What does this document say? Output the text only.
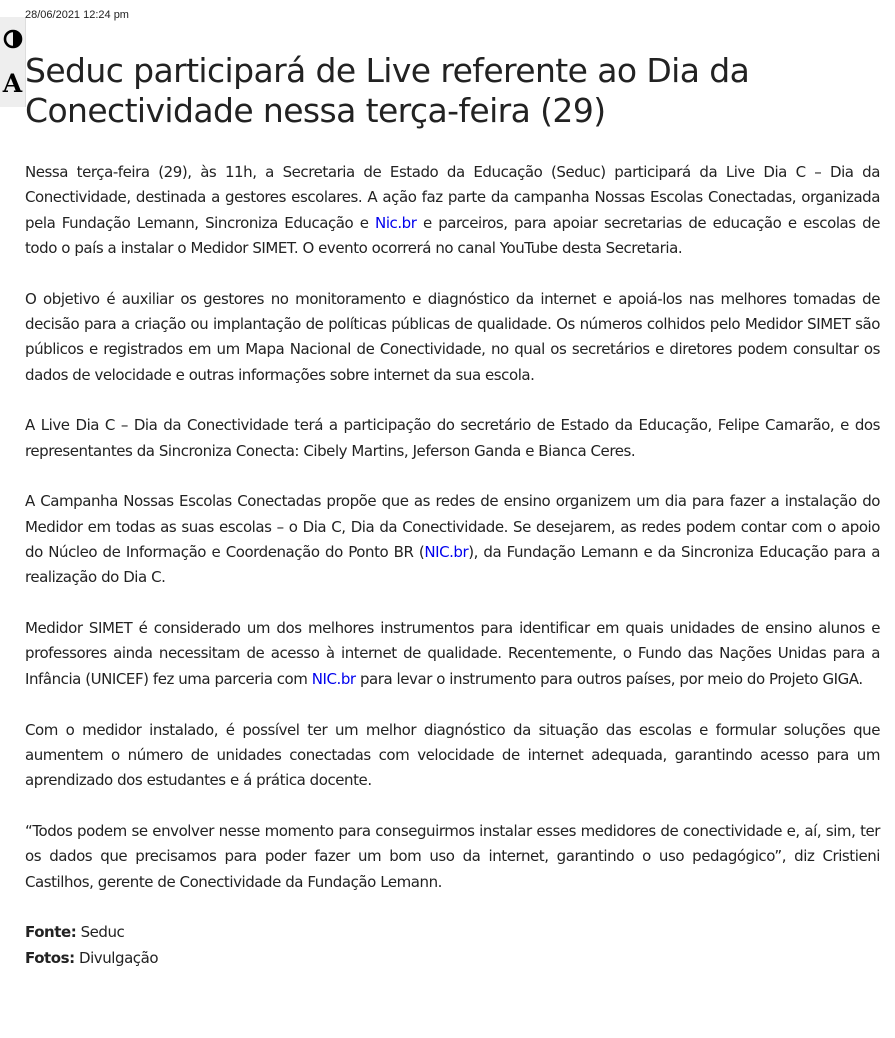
A
28/06/2021 12:24 pm
Seduc participará de Live referente ao Dia da Conectividade nessa terça-feira (29)

Nessa terça-feira (29), às 11h, a Secretaria de Estado da Educação (Seduc) participará da Live Dia C – Dia da Conectividade, destinada a gestores escolares. A ação faz parte da campanha Nossas Escolas Conectadas, organizada pela Fundação Lemann, Sincroniza Educação e Nic.br e parceiros, para apoiar secretarias de educação e escolas de todo o país a instalar o Medidor SIMET. O evento ocorrerá no canal YouTube desta Secretaria.

O objetivo é auxiliar os gestores no monitoramento e diagnóstico da internet e apoiá-los nas melhores tomadas de decisão para a criação ou implantação de políticas públicas de qualidade. Os números colhidos pelo Medidor SIMET são públicos e registrados em um Mapa Nacional de Conectividade, no qual os secretários e diretores podem consultar os dados de velocidade e outras informações sobre internet da sua escola.

A Live Dia C – Dia da Conectividade terá a participação do secretário de Estado da Educação, Felipe Camarão, e dos representantes da Sincroniza Conecta: Cibely Martins, Jeferson Ganda e Bianca Ceres.

A Campanha Nossas Escolas Conectadas propõe que as redes de ensino organizem um dia para fazer a instalação do Medidor em todas as suas escolas – o Dia C, Dia da Conectividade. Se desejarem, as redes podem contar com o apoio do Núcleo de Informação e Coordenação do Ponto BR (NIC.br), da Fundação Lemann e da Sincroniza Educação para a realização do Dia C.

Medidor SIMET é considerado um dos melhores instrumentos para identificar em quais unidades de ensino alunos e professores ainda necessitam de acesso à internet de qualidade. Recentemente, o Fundo das Nações Unidas para a Infância (UNICEF) fez uma parceria com NIC.br para levar o instrumento para outros países, por meio do Projeto GIGA.

Com o medidor instalado, é possível ter um melhor diagnóstico da situação das escolas e formular soluções que aumentem o número de unidades conectadas com velocidade de internet adequada, garantindo acesso para um aprendizado dos estudantes e á prática docente.

“Todos podem se envolver nesse momento para conseguirmos instalar esses medidores de conectividade e, aí, sim, ter os dados que precisamos para poder fazer um bom uso da internet, garantindo o uso pedagógico”, diz Cristieni Castilhos, gerente de Conectividade da Fundação Lemann.

Fonte: Seduc
Fotos: Divulgação
